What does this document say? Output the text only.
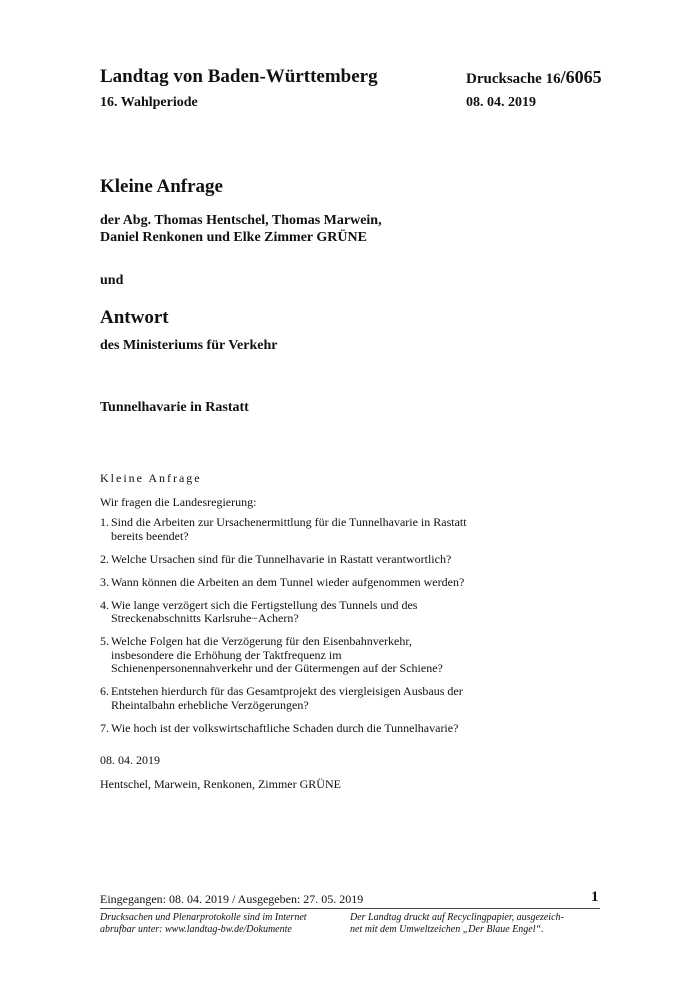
Landtag von Baden-Württemberg
16. Wahlperiode
Drucksache 16/6065
08. 04. 2019
Kleine Anfrage
der Abg. Thomas Hentschel, Thomas Marwein,
Daniel Renkonen und Elke Zimmer GRÜNE
und
Antwort
des Ministeriums für Verkehr
Tunnelhavarie in Rastatt
Kleine Anfrage
Wir fragen die Landesregierung:
1. Sind die Arbeiten zur Ursachenermittlung für die Tunnelhavarie in Rastatt bereits beendet?
2. Welche Ursachen sind für die Tunnelhavarie in Rastatt verantwortlich?
3. Wann können die Arbeiten an dem Tunnel wieder aufgenommen werden?
4. Wie lange verzögert sich die Fertigstellung des Tunnels und des Streckenabschnitts Karlsruhe−Achern?
5. Welche Folgen hat die Verzögerung für den Eisenbahnverkehr, insbesondere die Erhöhung der Taktfrequenz im Schienenpersonennahverkehr und der Gütermengen auf der Schiene?
6. Entstehen hierdurch für das Gesamtprojekt des viergleisigen Ausbaus der Rheintalbahn erhebliche Verzögerungen?
7. Wie hoch ist der volkswirtschaftliche Schaden durch die Tunnelhavarie?
08. 04. 2019
Hentschel, Marwein, Renkonen, Zimmer GRÜNE
Eingegangen: 08. 04. 2019 / Ausgegeben: 27. 05. 2019	1
Drucksachen und Plenarprotokolle sind im Internet
abrufbar unter: www.landtag-bw.de/Dokumente
Der Landtag druckt auf Recyclingpapier, ausgezeich-
net mit dem Umweltzeichen „Der Blaue Engel“.
